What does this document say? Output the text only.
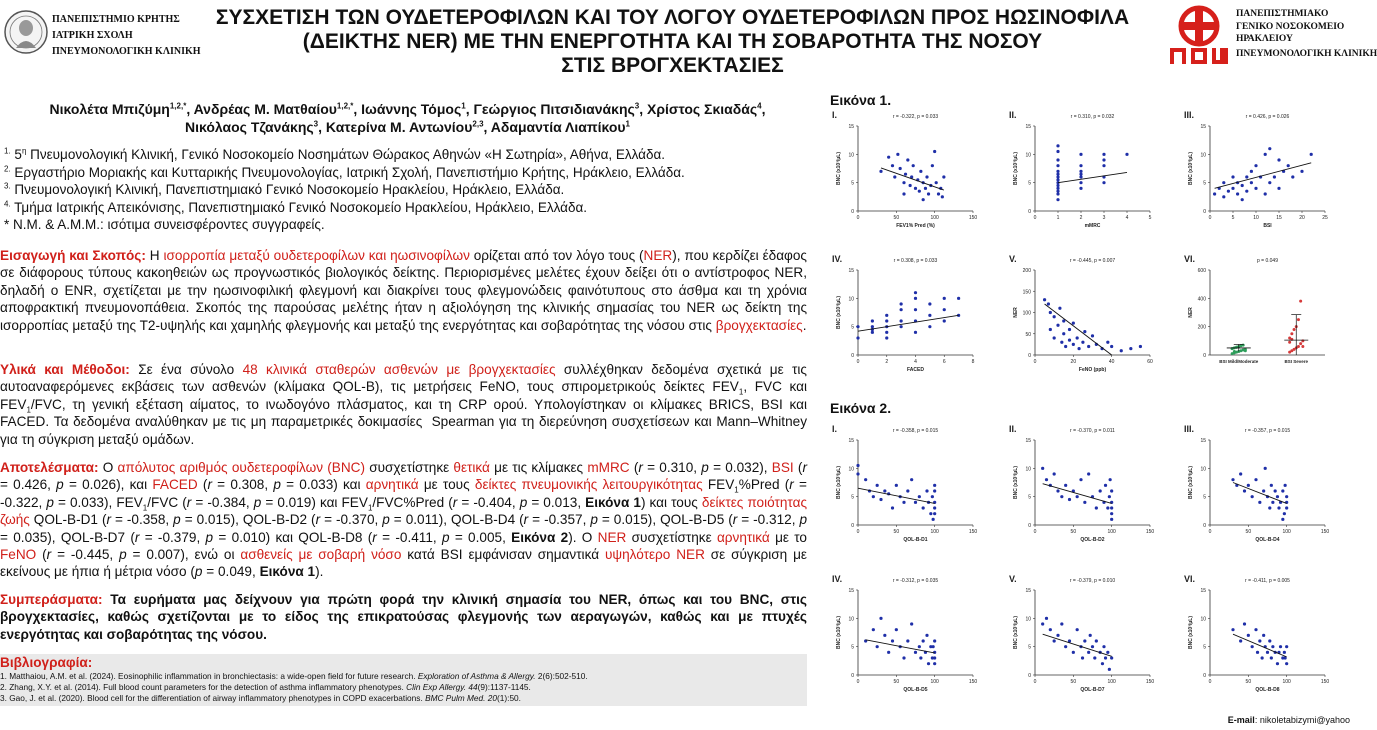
ΠΑΝΕΠΙΣΤΗΜΙΟ ΚΡΗΤΗΣ
ΙΑΤΡΙΚΗ ΣΧΟΛΗ
ΠΝΕΥΜΟΝΟΛΟΓΙΚΗ ΚΛΙΝΙΚΗ
ΣΥΣΧΕΤΙΣΗ ΤΩΝ ΟΥΔΕΤΕΡΟΦΙΛΩΝ ΚΑΙ ΤΟΥ ΛΟΓΟΥ ΟΥΔΕΤΕΡΟΦΙΛΩΝ ΠΡΟΣ ΗΩΣΙΝΟΦΙΛΑ
(ΔΕΙΚΤΗΣ NER) ΜΕ ΤΗΝ ΕΝΕΡΓΟΤΗΤΑ ΚΑΙ ΤΗ ΣΟΒΑΡΟΤΗΤΑ ΤΗΣ ΝΟΣΟΥ
ΣΤΙΣ ΒΡΟΓΧΕΚΤΑΣΙΕΣ
ΠΑΝΕΠΙΣΤΗΜΙΑΚΟ
ΓΕΝΙΚΟ ΝΟΣΟΚΟΜΕΙΟ
ΗΡΑΚΛΕΙΟΥ
ΠΝΕΥΜΟΝΟΛΟΓΙΚΗ ΚΛΙΝΙΚΗ
Νικολέτα Μπιζύμη$^{1,2,*}$, Ανδρέας Μ. Ματθαίου$^{1,2,*}$, Ιωάννης Τόμος$^1$, Γεώργιος Πιτσιδιανάκης$^3$, Χρίστος Σκιαδάς$^4$,
Νικόλαος Τζανάκης$^3$, Κατερίνα Μ. Αντωνίου$^{2,3}$, Αδαμαντία Λιαπίκου$^1$
$^{1.}$ $5^\eta$ Πνευμονολογική Κλινική, Γενικό Νοσοκομείο Νοσημάτων Θώρακος Αθηνών «Η Σωτηρία», Αθήνα, Ελλάδα.
$^{2.}$ Εργαστήριο Μοριακής και Κυτταρικής Πνευμονολογίας, Ιατρική Σχολή, Πανεπιστήμιο Κρήτης, Ηράκλειο, Ελλάδα.
$^{3.}$ Πνευμονολογική Κλινική, Πανεπιστημιακό Γενικό Νοσοκομείο Ηρακλείου, Ηράκλειο, Ελλάδα.
$^{4.}$ Τμήμα Ιατρικής Απεικόνισης, Πανεπιστημιακό Γενικό Νοσοκομείο Ηρακλείου, Ηράκλειο, Ελλάδα.
* N.M. & A.M.M.: ισότιμα συνεισφέροντες συγγραφείς.
Εισαγωγή και Σκοπός: Η ισορροπία μεταξύ ουδετεροφίλων και ηωσινοφίλων ορίζεται από τον λόγο τους (NER), που κερδίζει έδαφος σε διάφορους τύπους κακοηθειών ως προγνωστικός βιολογικός δείκτης. Περιορισμένες μελέτες έχουν δείξει ότι ο αντίστροφος NER, δηλαδή ο ENR, σχετίζεται με την ηωσινοφιλική φλεγμονή και διακρίνει τους φλεγμονώδεις φαινότυπους στο άσθμα και τη χρόνια αποφρακτική πνευμονοπάθεια. Σκοπός της παρούσας μελέτης ήταν η αξιολόγηση της κλινικής σημασίας του NER ως δείκτη της ισορροπίας μεταξύ της Τ2-υψηλής και χαμηλής φλεγμονής και μεταξύ της ενεργότητας και σοβαρότητας της νόσου στις βρογχεκτασίες.
Υλικά και Μέθοδοι: Σε ένα σύνολο 48 κλινικά σταθερών ασθενών με βρογχεκτασίες συλλέχθηκαν δεδομένα σχετικά με τις αυτοαναφερόμενες εκβάσεις των ασθενών (κλίμακα QOL-B), τις μετρήσεις FeNO, τους σπιρομετρικούς δείκτες $FEV_1$, FVC και $FEV_1$/FVC, τη γενική εξέταση αίματος, το ινωδογόνο πλάσματος, και τη CRP ορού. Υπολογίστηκαν οι κλίμακες BRICS, BSI και FACED. Τα δεδομένα αναλύθηκαν με τις μη παραμετρικές δοκιμασίες  Spearman για τη διερεύνηση συσχετίσεων και Mann–Whitney για τη σύγκριση μεταξύ ομάδων.
Αποτελέσματα: Ο απόλυτος αριθμός ουδετεροφίλων (BNC) συσχετίστηκε θετικά με τις κλίμακες mMRC (r = 0.310, p = 0.032), BSI (r = 0.426, p = 0.026), και FACED (r = 0.308, p = 0.033) και αρνητικά με τους δείκτες πνευμονικής λειτουργικότητας $FEV_1\%Pred$ (r = -0.322, p = 0.033), $FEV_1$/FVC (r = -0.384, p = 0.019) και $FEV_1/FVC\%Pred$ (r = -0.404, p = 0.013, Εικόνα 1) και τους δείκτες ποιότητας ζωής QOL-B-D1 (r = -0.358, p = 0.015), QOL-B-D2 (r = -0.370, p = 0.011), QOL-B-D4 (r = -0.357, p = 0.015), QOL-B-D5 (r = -0.312, p = 0.035), QOL-B-D7 (r = -0.379, p = 0.010) και QOL-B-D8 (r = -0.411, p = 0.005, Εικόνα 2). Ο NER συσχετίστηκε αρνητικά με το FeNO (r = -0.445, p = 0.007), ενώ οι ασθενείς με σοβαρή νόσο κατά BSI εμφάνισαν σημαντικά υψηλότερο NER σε σύγκριση με εκείνους με ήπια ή μέτρια νόσο (p = 0.049, Εικόνα 1).
Συμπεράσματα: Τα ευρήματα μας δείχνουν για πρώτη φορά την κλινική σημασία του NER, όπως και του BNC, στις βρογχεκτασίες, καθώς σχετίζονται με το είδος της επικρατούσας φλεγμονής των αεραγωγών, καθώς και με πτυχές ενεργότητας και σοβαρότητας της νόσου.
Βιβλιογραφία:
1. Matthaiou, A.M. et al. (2024). Eosinophilic inflammation in bronchiectasis: a wide-open field for future research. Exploration of Asthma & Allergy. 2(6):502-510.
2. Zhang, X.Y. et al. (2014). Full blood count parameters for the detection of asthma inflammatory phenotypes. Clin Exp Allergy. 44(9):1137-1145.
3. Gao, J. et al. (2020). Blood cell for the differentiation of airway inflammatory phenotypes in COPD exacerbations. BMC Pulm Med. 20(1):50.
Εικόνα 1.
Εικόνα 2.
I.	r = -0.322, p = 0.033
0
5
10
15
BNC (x10³/μL)
0	50	100	150
FEV1% Pred (%)
II.	r = 0.310, p = 0.032
0
5
10
15
BNC (x10³/μL)
0	1	2	3	4	5
mMRC
III.	r = 0.426, p = 0.026
0
5
10
15
BNC (x10³/μL)
0	5	10	15	20	25
BSI
IV.	r = 0.308, p = 0.033
0
5
10
15
BNC (x10³/μL)
0	2	4	6	8
FACED
V.	r = -0.445, p = 0.007
0
50
100
150
200
NER
0	20	40	60
FeNO (ppb)
VI.	p = 0.049
0
200
400
600
NER
BSI Mild/Moderate	BSI Severe
I.	r = -0.358, p = 0.015
0
5
10
15
BNC (x10³/μL)
0	50	100	150
QOL-B-D1
II.	r = -0.370, p = 0.011
0
5
10
15
BNC (x10³/μL)
0	50	100	150
QOL-B-D2
III.	r = -0.357, p = 0.015
0
5
10
15
BNC (x10³/μL)
0	50	100	150
QOL-B-D4
IV.	r = -0.312, p = 0.035
0
5
10
15
BNC (x10³/μL)
0	50	100	150
QOL-B-D5
V.	r = -0.379, p = 0.010
0
5
10
15
BNC (x10³/μL)
0	50	100	150
QOL-B-D7
VI.	r = -0.411, p = 0.005
0
5
10
15
BNC (x10³/μL)
0	50	100	150
QOL-B-D8
E-mail: nikoletabizymi@yahoo
